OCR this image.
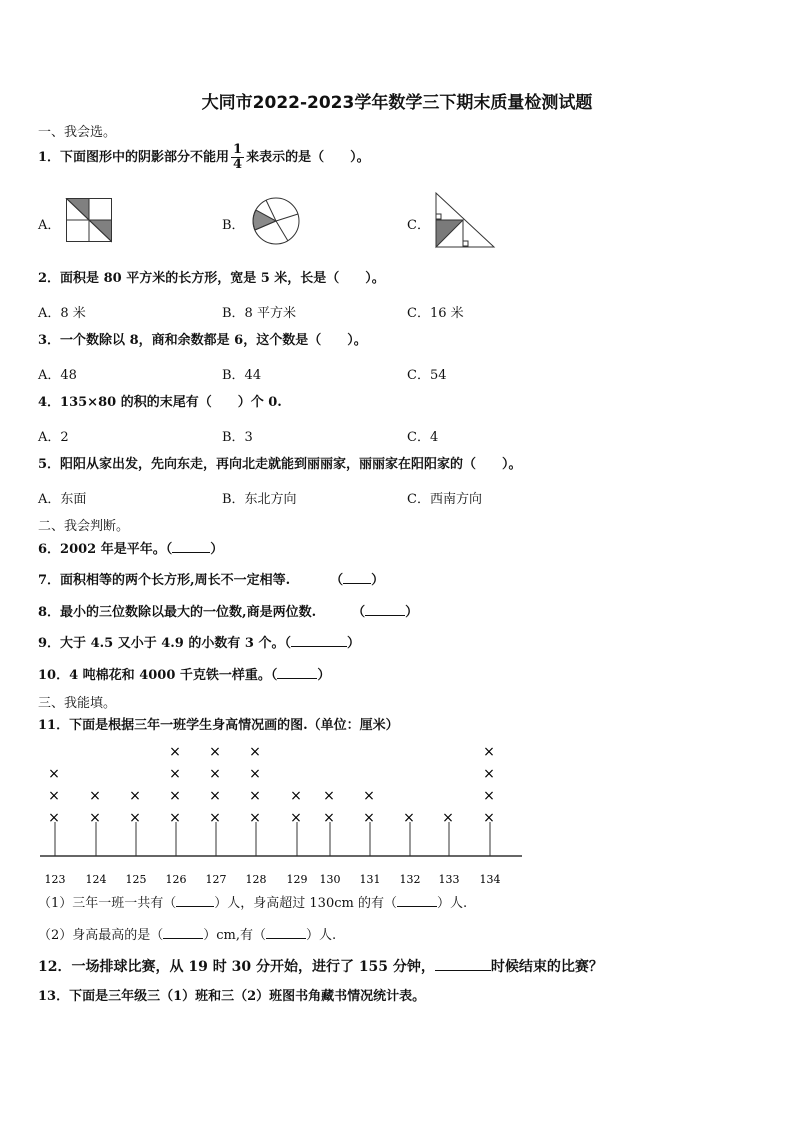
大同市2022-2023学年数学三下期末质量检测试题
一、我会选。
1．下面图形中的阴影部分不能用 $\frac{1}{4}$ 来表示的是（　　）。
A．	B．	C．
2．面积是 80 平方米的长方形，宽是 5 米，长是（　　）。
A．8 米	B．8 平方米	C．16 米
3．一个数除以 8，商和余数都是 6，这个数是（　　）。
A．48	B．44	C．54
4．135×80 的积的末尾有（　　）个 0.
A．2	B．3	C．4
5．阳阳从家出发，先向东走，再向北走就能到丽丽家，丽丽家在阳阳家的（　　）。
A．东面	B．东北方向	C．西南方向
二、我会判断。
6．2002 年是平年。（	）
7．面积相等的两个长方形,周长不一定相等.	（ ）
8．最小的三位数除以最大的一位数,商是两位数.	（	）
9．大于 4.5 又小于 4.9 的小数有 3 个。（	）
10．4 吨棉花和 4000 千克铁一样重。（	）
三、我能填。
11．下面是根据三年一班学生身高情况画的图.（单位：厘米）
123
×
×
×
124
×
×
125
×
×
126
×
×
×
×
127
×
×
×
×
128
×
×
×
×
129
×
×
130
×
×
131
×
×
132
×
133
×
134
×
×
×
×
（1）三年一班一共有（	）人，身高超过 130cm 的有（	）人.
（2）身高最高的是（	）cm,有（	）人.
12．一场排球比赛，从 19 时 30 分开始，进行了 155 分钟，	时候结束的比赛？
13．下面是三年级三（1）班和三（2）班图书角藏书情况统计表。
